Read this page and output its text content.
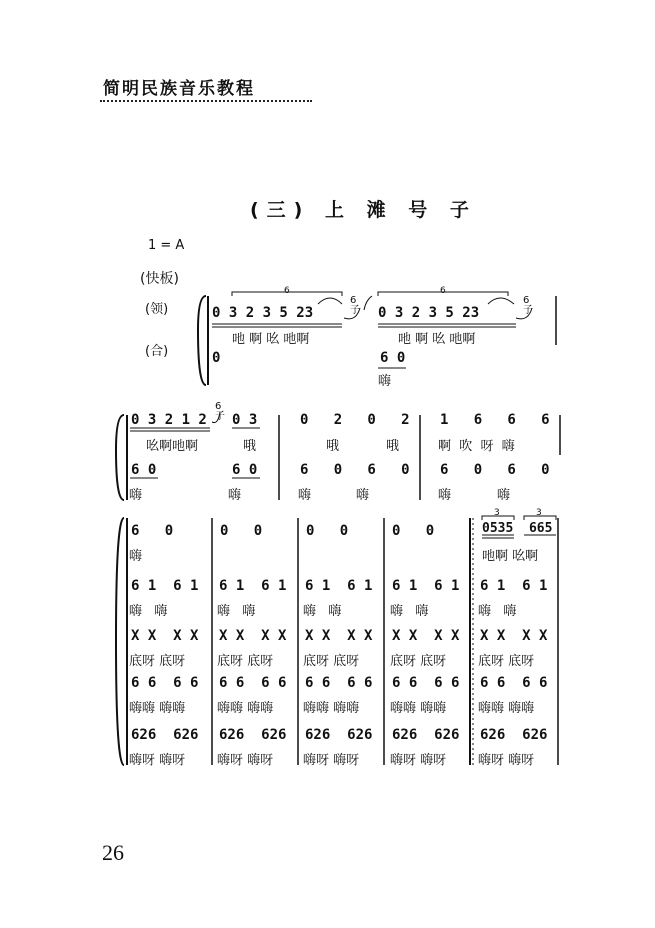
简明民族音乐教程
(三) 上 滩 号 子
1 = A
(快板)
(领)
(合)
0 3 2 3 5 23
吔 啊 吆 吔啊
6
子 0 3 2 3 5 23
吔 啊 吆 吔啊
6
子
6	6
0	6 0
嗨
0 3 2 1 2
6
子 0 3
吆啊吔啊	哦
0   2   0   2
哦	哦
1   6   6   6
啊  吹  呀  嗨
6 0	6 0
嗨	嗨
6   0   6   0
嗨	嗨
6   0   6   0
嗨	嗨
6   0	0   0	0   0	0   0	0535  665
嗨	吔啊 吆啊
3	3
6 1  6 1
嗨   嗨
6 1  6 1
嗨   嗨
6 1  6 1
嗨   嗨
6 1  6 1
嗨   嗨
6 1  6 1
嗨   嗨
X X  X X
底呀 底呀
X X  X X
底呀 底呀
X X  X X
底呀 底呀
X X  X X
底呀 底呀
X X  X X
底呀 底呀
6 6  6 6
嗨嗨 嗨嗨
6 6  6 6
嗨嗨 嗨嗨
6 6  6 6
嗨嗨 嗨嗨
6 6  6 6
嗨嗨 嗨嗨
6 6  6 6
嗨嗨 嗨嗨
626  626
嗨呀 嗨呀
626  626
嗨呀 嗨呀
626  626
嗨呀 嗨呀
626  626
嗨呀 嗨呀
626  626
嗨呀 嗨呀
26
